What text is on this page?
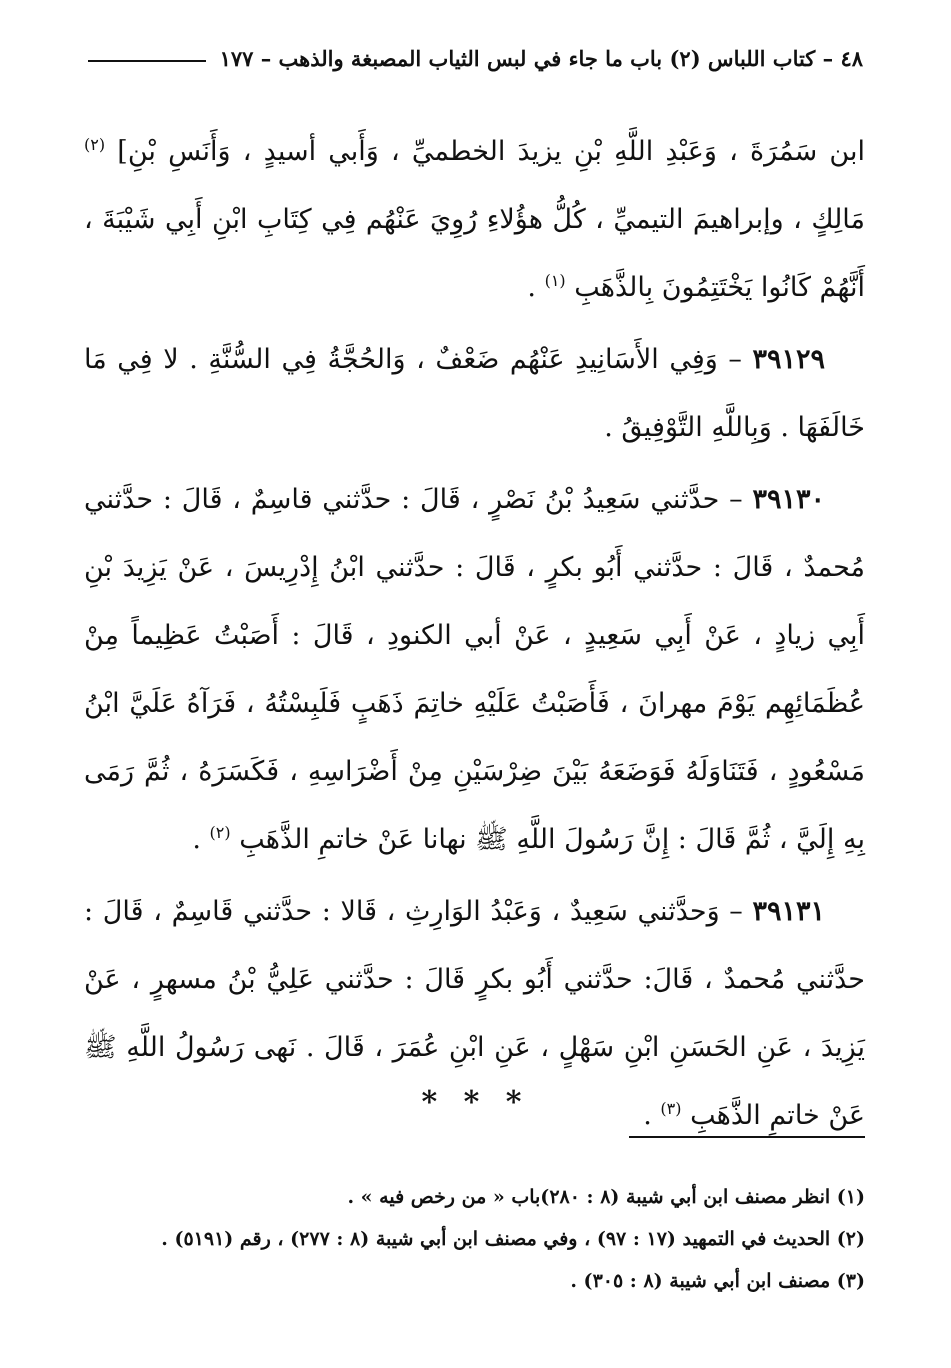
٤٨ – كتاب اللباس (٢) باب ما جاء في لبس الثياب المصبغة والذهب – ١٧٧

ابن سَمُرَةَ ، وَعَبْدِ اللَّهِ بْنِ يزيدَ الخطميِّ ، وَأَبي أسيدٍ ، وَأَنَسِ بْنِ] $^{(٢)}$ مَالِكٍ ، وإبراهيمَ التيميِّ ، كُلُّ هؤُلاءِ رُوِيَ عَنْهُم فِي كِتَابِ ابْنِ أَبِي شَيْبَةَ ، أَنَّهُمْ كَانُوا يَخْتَتِمُونَ بِالذَّهَبِ $^{(١)}$ .

٣٩١٢٩ – وَفِي الأَسَانِيدِ عَنْهُم ضَعْفٌ ، وَالحُجَّةُ فِي السُّنَّةِ . لا فِي مَا خَالَفَهَا . وَبِاللَّهِ التَّوْفِيقُ .

٣٩١٣٠ – حدَّثني سَعِيدُ بْنُ نَصْرٍ ، قَالَ : حدَّثني قاسِمٌ ، قَالَ : حدَّثني مُحمدٌ ، قَالَ : حدَّثني أَبُو بكرٍ ، قَالَ : حدَّثني ابْنُ إِدْرِيسَ ، عَنْ يَزِيدَ بْنِ أَبِي زيادٍ ، عَنْ أَبِي سَعِيدٍ ، عَنْ أبي الكنودِ ، قَالَ : أَصَبْتُ عَظِيماً مِنْ عُظَمَائِهِم يَوْمَ مهرانَ ، فَأَصَبْتُ عَلَيْهِ خاتِمَ ذَهَبٍ فَلَبِسْتُهُ ، فَرَآهُ عَلَيَّ ابْنُ مَسْعُودٍ ، فَتَنَاوَلَهُ فَوَضَعَهُ بَيْنَ ضِرْسَيْنِ مِنْ أَضْرَاسِهِ ، فَكَسَرَهُ ، ثُمَّ رَمَى بِهِ إِلَيَّ ، ثُمَّ قَالَ : إِنَّ رَسُولَ اللَّهِ ﷺ نهانا عَنْ خاتمِ الذَّهَبِ $^{(٢)}$ .

٣٩١٣١ – وَحدَّثني سَعِيدٌ ، وَعَبْدُ الوَارِثِ ، قَالا : حدَّثني قَاسِمٌ ، قَالَ : حدَّثني مُحمدٌ ، قَالَ: حدَّثني أَبُو بكرٍ قَالَ : حدَّثني عَلِيُّ بْنُ مسهرٍ ، عَنْ يَزِيدَ ، عَنِ الحَسَنِ ابْنِ سَهْلٍ ، عَنِ ابْنِ عُمَرَ ، قَالَ . نَهى رَسُولُ اللَّهِ ﷺ عَنْ خاتمِ الذَّهَبِ $^{(٣)}$ .

* * *

(١) انظر مصنف ابن أبي شيبة (٨ : ٢٨٠)باب « من رخص فيه » .

(٢) الحديث في التمهيد (١٧ : ٩٧) ، وفي مصنف ابن أبي شيبة (٨ : ٢٧٧) ، رقم (٥١٩١) .

(٣) مصنف ابن أبي شيبة (٨ : ٣٠٥) .
